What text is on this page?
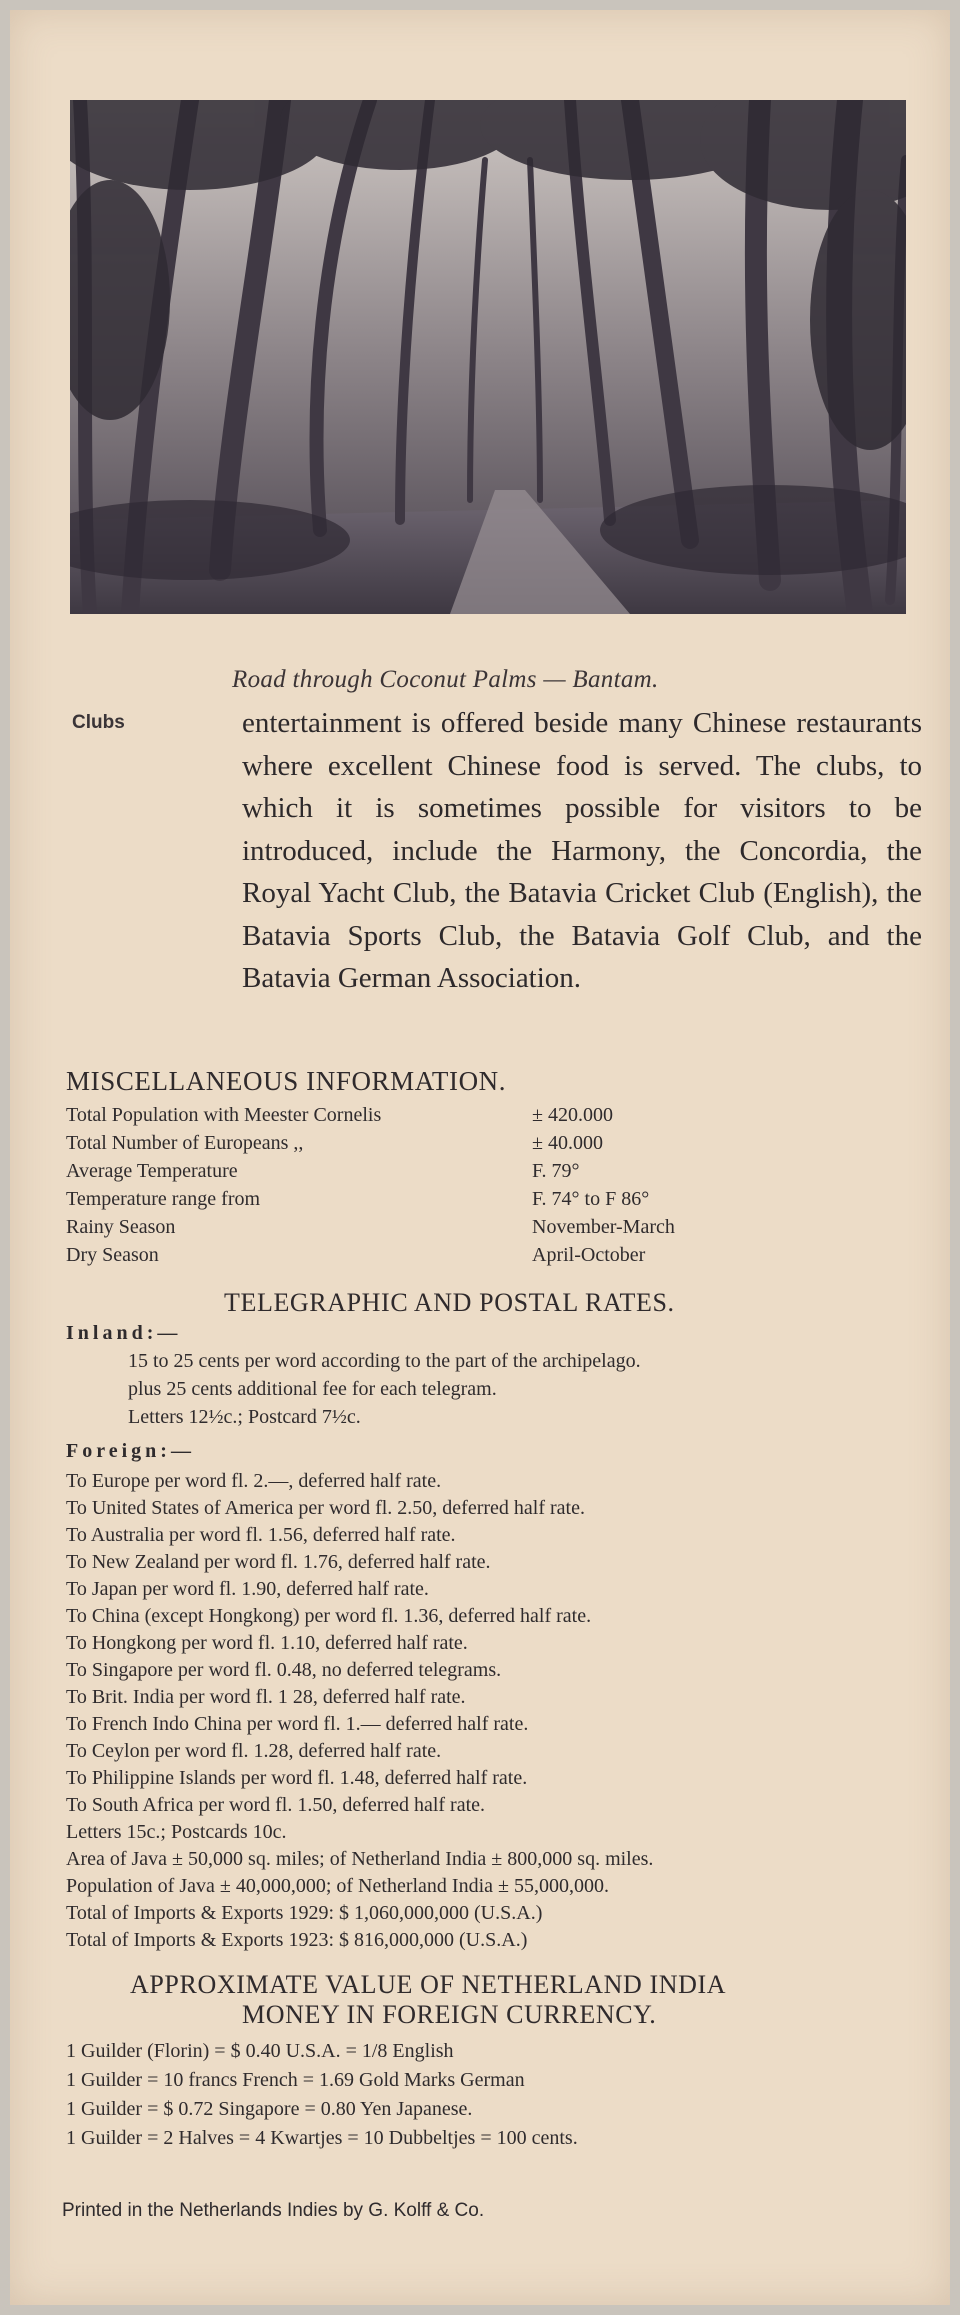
Road through Coconut Palms — Bantam.
Clubs	entertainment is offered beside many Chinese restaurants where excellent Chinese food is served. The clubs, to which it is sometimes possible for visitors to be introduced, include the Harmony, the Concordia, the Royal Yacht Club, the Batavia Cricket Club (English), the Batavia Sports Club, the Batavia Golf Club, and the Batavia German Association.
MISCELLANEOUS INFORMATION.
Total Population with Meester Cornelis	± 420.000
Total Number of Europeans ,,	± 40.000
Average Temperature	F. 79°
Temperature range from	F. 74° to F 86°
Rainy Season	November-March
Dry Season	April-October
TELEGRAPHIC AND POSTAL RATES.
Inland:—
15 to 25 cents per word according to the part of the archipelago.
plus 25 cents additional fee for each telegram.
Letters 12½c.; Postcard 7½c.
Foreign:—
To Europe per word fl. 2.—, deferred half rate.
To United States of America per word fl. 2.50, deferred half rate.
To Australia per word fl. 1.56, deferred half rate.
To New Zealand per word fl. 1.76, deferred half rate.
To Japan per word fl. 1.90, deferred half rate.
To China (except Hongkong) per word fl. 1.36, deferred half rate.
To Hongkong per word fl. 1.10, deferred half rate.
To Singapore per word fl. 0.48, no deferred telegrams.
To Brit. India per word fl. 1 28, deferred half rate.
To French Indo China per word fl. 1.— deferred half rate.
To Ceylon per word fl. 1.28, deferred half rate.
To Philippine Islands per word fl. 1.48, deferred half rate.
To South Africa per word fl. 1.50, deferred half rate.
Letters 15c.; Postcards 10c.
Area of Java ± 50,000 sq. miles; of Netherland India ± 800,000 sq. miles.
Population of Java ± 40,000,000; of Netherland India ± 55,000,000.
Total of Imports & Exports 1929: $ 1,060,000,000 (U.S.A.)
Total of Imports & Exports 1923: $ 816,000,000 (U.S.A.)
APPROXIMATE VALUE OF NETHERLAND INDIA
MONEY IN FOREIGN CURRENCY.
1 Guilder (Florin) = $ 0.40 U.S.A. = 1/8 English
1 Guilder = 10 francs French = 1.69 Gold Marks German
1 Guilder = $ 0.72 Singapore = 0.80 Yen Japanese.
1 Guilder = 2 Halves = 4 Kwartjes = 10 Dubbeltjes = 100 cents.
Printed in the Netherlands Indies by G. Kolff & Co.
